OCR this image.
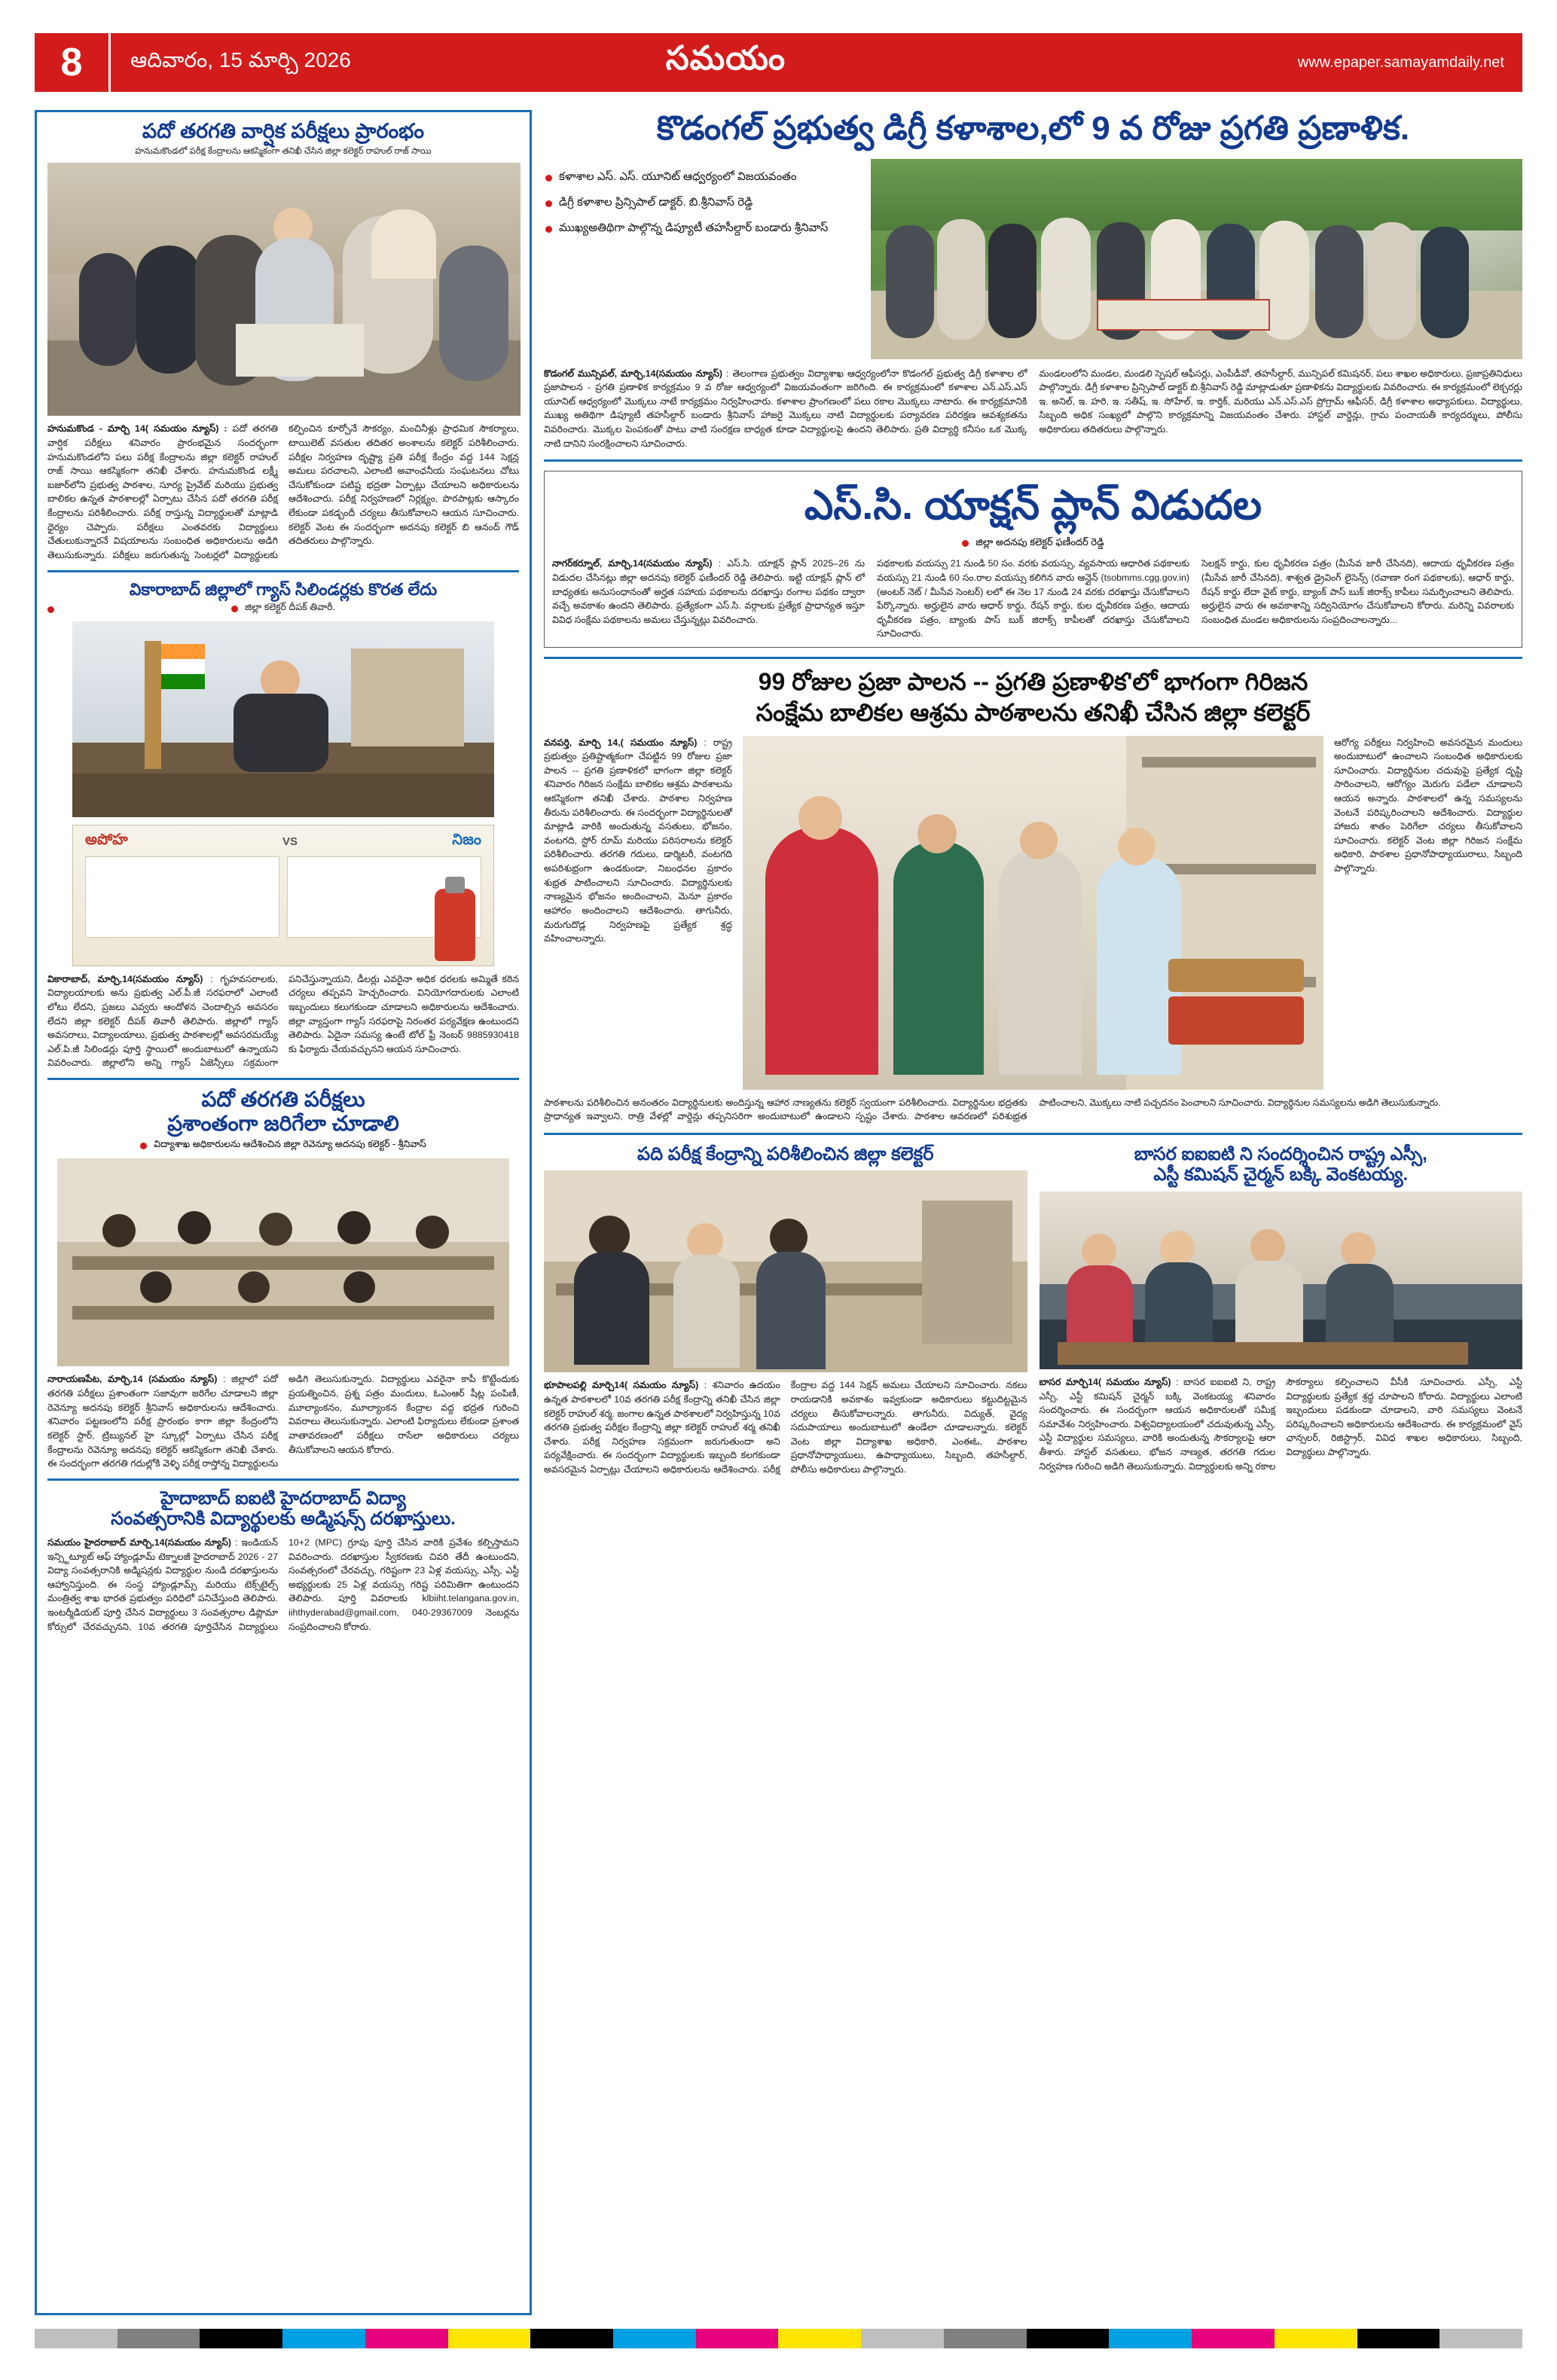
8	ఆదివారం, 15 మార్చి 2026	సమయం	www.epaper.samayamdaily.net
పదో తరగతి వార్షిక పరీక్షలు ప్రారంభం
హనుమకొండలో పరీక్ష కేంద్రాలను ఆకస్మికంగా తనిఖీ చేసిన జిల్లా కలెక్టర్ రాహుల్ రాజ్ సాయి
హనుమకొండ - మార్చి 14( సమయం న్యూస్) : పదో తరగతి వార్షిక పరీక్షలు శనివారం ప్రారంభమైన సందర్భంగా హనుమకొండలోని పలు పరీక్ష కేంద్రాలను జిల్లా కలెక్టర్ రాహుల్ రాజ్ సాయి ఆకస్మికంగా తనిఖీ చేశారు. హనుమకొండ లక్ష్మీ బజార్‌లోని ప్రభుత్వ పాఠశాల, సూర్య ప్రైవేట్ మరియు ప్రభుత్వ బాలికల ఉన్నత పాఠశాలల్లో ఏర్పాటు చేసిన పదో తరగతి పరీక్ష కేంద్రాలను పరిశీలించారు. పరీక్ష రాస్తున్న విద్యార్థులతో మాట్లాడి ధైర్యం చెప్పారు. పరీక్షలు ఎంతవరకు విద్యార్థులు చేతులుకున్నారనే విషయాలను సంబంధిత అధికారులను అడిగి తెలుసుకున్నారు. పరీక్షలు జరుగుతున్న సెంటర్లలో విద్యార్థులకు కల్పించిన కూర్చోనే సౌకర్యం, మంచినీళ్లు ప్రాధమిక సౌకర్యాలు, టాయిలెట్ వసతుల తదితర అంశాలను కలెక్టర్ పరిశీలించారు. పరీక్షల నిర్వహణ దృష్ట్యా ప్రతి పరీక్ష కేంద్రం వద్ద 144 సెక్షన్ల అమలు పరచాలని, ఎలాంటి అవాంఛనీయ సంఘటనలు చోటు చేసుకోకుండా పటిష్ట భద్రతా ఏర్పాట్లు చేయాలని అధికారులను ఆదేశించారు. పరీక్ష నిర్వహణలో నిర్లక్ష్యం, పొరపాట్లకు ఆస్కారం లేకుండా పకడ్బందీ చర్యలు తీసుకోవాలని ఆయన సూచించారు. కలెక్టర్ వెంట ఈ సందర్భంగా అదనపు కలెక్టర్ బి ఆనంద్ గౌడ్ తదితరులు పాల్గొన్నారు.
వికారాబాద్ జిల్లాలో గ్యాస్ సిలిండర్లకు కొరత లేదు
జిల్లా కలెక్టర్ దీపక్ తివారీ.
అపోహ	VS	నిజం
వికారాబాద్, మార్చి,14(సమయం న్యూస్) : గృహవసరాలకు, విద్యాలయాలకు అను ప్రభుత్వ ఎల్.పీ.జీ సరఫరాలో ఎలాంటి లోటు లేదని, ప్రజలు ఎవ్వరు ఆందోళన చెందాల్సిన అవసరం లేదని జిల్లా కలెక్టర్ దీపక్ తివారీ తెలిపారు. జిల్లాలో గ్యాస్ అవసరాలు, విద్యాలయాలు, ప్రభుత్వ పాఠశాలల్లో అవసరమయ్యే ఎల్.పి.జీ సిలిండర్లు పూర్తి స్థాయిలో అందుబాటులో ఉన్నాయని వివరించారు. జిల్లాలోని అన్ని గ్యాస్ ఏజెన్సీలు సక్రమంగా పనిచేస్తున్నాయని, డీలర్లు ఎవరైనా అధిక ధరలకు అమ్మితే కఠిన చర్యలు తప్పవని హెచ్చరించారు. వినియోగదారులకు ఎలాంటి ఇబ్బందులు కలుగకుండా చూడాలని అధికారులను ఆదేశించారు. జిల్లా వ్యాప్తంగా గ్యాస్ సరఫరాపై నిరంతర పర్యవేక్షణ ఉంటుందని తెలిపారు. ఏదైనా సమస్య ఉంటే టోల్ ఫ్రీ నెంబర్ 9885930418 కు ఫిర్యాదు చేయవచ్చునని ఆయన సూచించారు.
పదో తరగతి పరీక్షలు
ప్రశాంతంగా జరిగేలా చూడాలి
విద్యాశాఖ అధికారులను ఆదేశించిన జిల్లా రెవెన్యూ అదనపు కలెక్టర్ - శ్రీనివాస్
నారాయణపేట, మార్చి,14 (సమయం న్యూస్) : జిల్లాలో పదో తరగతి పరీక్షలు ప్రశాంతంగా సజావుగా జరిగేల చూడాలని జిల్లా రెవెన్యూ అదనపు కలెక్టర్ శ్రీనివాస్ అధికారులను ఆదేశించారు. శనివారం పట్టణంలోని పరీక్ష ప్రారంభం కాగా జిల్లా కేంద్రంలోని కలెక్టర్ స్టార్, ట్రిబ్యునల్ హై స్కూల్లో ఏర్పాటు చేసిన పరీక్ష కేంద్రాలను రెవెన్యూ అదనపు కలెక్టర్ ఆకస్మికంగా తనిఖీ చేశారు. ఈ సందర్భంగా తరగతి గదుల్లోకి వెళ్ళి పరీక్ష రాస్తోన్న విద్యార్థులను అడిగి తెలుసుకున్నారు. విద్యార్థులు ఎవరైనా కాపీ కొట్టేందుకు ప్రయత్నించిన, ప్రశ్న పత్రం మందులు, ఓఎంఆర్ షీట్ల పంపిణీ, మూల్యాంకనం, మూల్యాంకన కేంద్రాల వద్ద భద్రత గురించి వివరాలు తెలుసుకున్నారు. ఎలాంటి ఫిర్యాదులు లేకుండా ప్రశాంత వాతావరణంలో పరీక్షలు రాసేలా అధికారులు చర్యలు తీసుకోవాలని ఆయన కోరారు.
హైదాబాద్ ఐఐటి హైదరాబాద్ విద్యా
సంవత్సరానికి విద్యార్థులకు అడ్మిషన్స్ దరఖాస్తులు.
సమయం హైదరాబాద్ మార్చి,14(సమయం న్యూస్) : ఇండియన్ ఇన్స్టిట్యూట్ ఆఫ్ హ్యాండ్లూమ్ టెక్నాలజీ హైదరాబాద్ 2026 - 27 విద్యా సంవత్సరానికి అడ్మిషన్లకు విద్యార్థుల నుండి దరఖాస్తులను ఆహ్వానిస్తుంది. ఈ సంస్థ హ్యాండ్లూమ్స్ మరియు టెక్స్‌టైల్స్ మంత్రిత్వ శాఖ భారత ప్రభుత్వం పరిధిలో పనిచేస్తుంది తెలిపారు. ఇంటర్మీడియట్ పూర్తి చేసిన విద్యార్థులు 3 సంవత్సరాల డిప్లొమా కోర్సులో చేరవచ్చునని, 10వ తరగతి పూర్తిచేసిన విద్యార్థులు 10+2 (MPC) గ్రూపు పూర్తి చేసిన వారికి ప్రవేశం కల్పిస్తామని వివరించారు. దరఖాస్తుల స్వీకరణకు చివరి తేదీ ఉంటుందని, సంవత్సరంలో చేరవచ్చు, గరిష్టంగా 23 ఏళ్ల వయస్సు, ఎస్సీ, ఎస్టీ అభ్యర్థులకు 25 ఏళ్ల వయస్సు గరిష్ట పరిమితిగా ఉంటుందని తెలిపారు. పూర్తి వివరాలకు klbiiht.telangana.gov.in, iihthyderabad@gmail.com, 040-29367009 నెంబర్లను సంప్రదించాలని కోరారు.
కొడంగల్ ప్రభుత్వ డిగ్రీ కళాశాల,లో 9 వ రోజు ప్రగతి ప్రణాళిక.
కళాశాల ఎస్. ఎస్. యూనిట్ ఆధ్వర్యంలో విజయవంతం
డిగ్రీ కళాశాల ప్రిన్సిపాల్ డాక్టర్. బి.శ్రీనివాస్ రెడ్డి
ముఖ్యఅతిథిగా పాల్గొన్న డిప్యూటీ తహసీల్దార్ బండారు శ్రీనివాస్
కొడంగల్ మున్సిపల్, మార్చి,14(సమయం న్యూస్) : తెలంగాణ ప్రభుత్వం విద్యాశాఖ ఆధ్వర్యంలోనా కొడంగల్ ప్రభుత్వ డిగ్రీ కళాశాల లో ప్రజాపాలన - ప్రగతి ప్రణాళిక కార్యక్రమం 9 వ రోజు ఆధ్వర్యంలో విజయవంతంగా జరిగింది. ఈ కార్యక్రమంలో కళాశాల ఎన్.ఎస్.ఎస్ యూనిట్ ఆధ్వర్యంలో మొక్కలు నాటే కార్యక్రమం నిర్వహించారు. కళాశాల ప్రాంగణంలో పలు రకాల మొక్కలు నాటారు. ఈ కార్యక్రమానికి ముఖ్య అతిథిగా డిప్యూటీ తహసీల్దార్ బండారు శ్రీనివాస్ హాజరై మొక్కలు నాటి విద్యార్థులకు పర్యావరణ పరిరక్షణ ఆవశ్యకతను వివరించారు. మొక్కల పెంపకంతో పాటు వాటి సంరక్షణ బాధ్యత కూడా విద్యార్థులపై ఉందని తెలిపారు. ప్రతి విద్యార్థి కనీసం ఒక మొక్క నాటి దానిని సంరక్షించాలని సూచించారు.
మండలంలోని మండల, మండలి స్పెషల్ ఆఫీసర్లు, ఎంపీడీవో, తహసీల్దార్, మున్సిపల్ కమిషనర్, పలు శాఖల అధికారులు, ప్రజాప్రతినిధులు పాల్గొన్నారు. డిగ్రీ కళాశాల ప్రిన్సిపాల్ డాక్టర్ బి.శ్రీనివాస్ రెడ్డి మాట్లాడుతూ ప్రణాళికను విద్యార్థులకు వివరించారు. ఈ కార్యక్రమంలో లెక్చరర్లు ఇ. అనిల్, ఇ. హరి, ఇ. సతీష్, ఇ. సోహేల్, ఇ. కార్తిక్, మరియు ఎన్.ఎస్.ఎస్ ప్రోగ్రామ్ ఆఫీసర్, డిగ్రీ కళాశాల అధ్యాపకులు, విద్యార్థులు, సిబ్బంది అధిక సంఖ్యలో పాల్గొని కార్యక్రమాన్ని విజయవంతం చేశారు. హాస్టల్ వార్డెన్లు, గ్రామ పంచాయతీ కార్యదర్శులు, పోలీసు అధికారులు తదితరులు పాల్గొన్నారు.
ఎస్.సి. యాక్షన్ ప్లాన్ విడుదల
జిల్లా అదనపు కలెక్టర్ ఫణీందర్ రెడ్డి
నాగర్‌కర్నూల్, మార్చి,14(సమయం న్యూస్) : ఎస్.సి. యాక్షన్ ప్లాన్ 2025–26 ను విడుదల చేసినట్లు జిల్లా అదనపు కలెక్టర్ ఫణీందర్ రెడ్డి తెలిపారు. ఇట్టి యాక్షన్ ప్లాన్ లో బాధ్యతకు అనుసంధానంతో అర్హత సహాయ పథకాలను దరఖాస్తు రంగాల పథకం ద్వారా వచ్చే అవకాశం ఉందని తెలిపారు. ప్రత్యేకంగా ఎస్.సి. వర్గాలకు ప్రత్యేక ప్రాధాన్యత ఇస్తూ వివిధ సంక్షేమ పథకాలను అమలు చేస్తున్నట్లు వివరించారు.
పథకాలకు వయస్సు 21 నుండి 50 సం. వరకు వయస్సు, వ్యవసాయ ఆధారిత పథకాలకు వయస్సు 21 నుండి 60 సం.రాల వయస్సు కలిగిన వారు ఆన్లైన్ (tsobmms.cgg.gov.in) (అంటర్ నెట్ / మీసేవ సెంటర్) లలో ఈ నెల 17 నుండి 24 వరకు దరఖాస్తు చేసుకోవాలని పేర్కొన్నారు. అర్హులైన వారు ఆధార్ కార్డు, రేషన్ కార్డు, కుల ధృవీకరణ పత్రం, ఆదాయ ధృవీకరణ పత్రం, బ్యాంకు పాస్ బుక్ జిరాక్స్ కాపీలతో దరఖాస్తు చేసుకోవాలని సూచించారు.
సెలక్షన్ కార్డు, కుల ధృవీకరణ పత్రం (మీసేవ జారీ చేసినది), ఆదాయ ధృవీకరణ పత్రం (మీసేవ జారీ చేసినది), శాశ్వత డ్రైవింగ్ లైసెన్స్ (రవాణా రంగ పథకాలకు), ఆధార్ కార్డు, రేషన్ కార్డు లేదా వైట్ కార్డు, బ్యాంక్ పాస్ బుక్ జిరాక్స్ కాపీలు సమర్పించాలని తెలిపారు. అర్హులైన వారు ఈ అవకాశాన్ని సద్వినియోగం చేసుకోవాలని కోరారు. మరిన్ని వివరాలకు సంబంధిత మండల అధికారులను సంప్రదించాలన్నారు...
99 రోజుల ప్రజా పాలన -- ప్రగతి ప్రణాళిక'లో భాగంగా గిరిజన
సంక్షేమ బాలికల ఆశ్రమ పాఠశాలను తనిఖీ చేసిన జిల్లా కలెక్టర్
వనపర్తి, మార్చి 14,( సమయం న్యూస్) : రాష్ట్ర ప్రభుత్వం ప్రతిష్టాత్మకంగా చేపట్టిన 99 రోజుల ప్రజా పాలన -- ప్రగతి ప్రణాళికలో భాగంగా జిల్లా కలెక్టర్ శనివారం గిరిజన సంక్షేమ బాలికల ఆశ్రమ పాఠశాలను ఆకస్మికంగా తనిఖీ చేశారు. పాఠశాల నిర్వహణ తీరును పరిశీలించారు. ఈ సందర్భంగా విద్యార్థినులతో మాట్లాడి వారికి అందుతున్న వసతులు, భోజనం, వంటగది, స్టోర్ రూమ్ మరియు పరిసరాలను కలెక్టర్ పరిశీలించారు. తరగతి గదులు, డార్మిటరీ, వంటగది అపరిశుభ్రంగా ఉండకుండా, నిబంధనల ప్రకారం శుభ్రత పాటించాలని సూచించారు. విద్యార్థినులకు నాణ్యమైన భోజనం అందించాలని, మెనూ ప్రకారం ఆహారం అందించాలని ఆదేశించారు. తాగునీరు, మరుగుదొడ్ల నిర్వహణపై ప్రత్యేక శ్రద్ధ వహించాలన్నారు.
ఆరోగ్య పరీక్షలు నిర్వహించి అవసరమైన మందులు అందుబాటులో ఉంచాలని సంబంధిత అధికారులకు సూచించారు. విద్యార్థినుల చదువుపై ప్రత్యేక దృష్టి సారించాలని, ఆరోగ్యం మెరుగు పడేలా చూడాలని ఆయన అన్నారు. పాఠశాలలో ఉన్న సమస్యలను వెంటనే పరిష్కరించాలని ఆదేశించారు. విద్యార్థుల హాజరు శాతం పెరిగేలా చర్యలు తీసుకోవాలని సూచించారు. కలెక్టర్ వెంట జిల్లా గిరిజన సంక్షేమ అధికారి, పాఠశాల ప్రధానోపాధ్యాయురాలు, సిబ్బంది పాల్గొన్నారు.
పాఠశాలను పరిశీలించిన అనంతరం విద్యార్థినులకు అందిస్తున్న ఆహార నాణ్యతను కలెక్టర్ స్వయంగా పరిశీలించారు. విద్యార్థినుల భద్రతకు ప్రాధాన్యత ఇవ్వాలని, రాత్రి వేళల్లో వార్డెన్లు తప్పనిసరిగా అందుబాటులో ఉండాలని స్పష్టం చేశారు. పాఠశాల ఆవరణలో పరిశుభ్రత పాటించాలని, మొక్కలు నాటి పచ్చదనం పెంచాలని సూచించారు. విద్యార్థినుల సమస్యలను అడిగి తెలుసుకున్నారు.
పది పరీక్ష కేంద్రాన్ని పరిశీలించిన జిల్లా కలెక్టర్
భూపాలపల్లి మార్చి14( సమయం న్యూస్) : శనివారం ఉదయం ఉన్నత పాఠశాలలో 10వ తరగతి పరీక్ష కేంద్రాన్ని తనిఖీ చేసిన జిల్లా కలెక్టర్ రాహుల్ శర్మ. జంగాల ఉన్నత పాఠశాలలో నిర్వహిస్తున్న 10వ తరగతి ప్రభుత్వ పరీక్షల కేంద్రాన్ని జిల్లా కలెక్టర్ రాహుల్ శర్మ తనిఖీ చేశారు. పరీక్ష నిర్వహణ సక్రమంగా జరుగుతుందా అని పర్యవేక్షించారు. ఈ సందర్భంగా విద్యార్థులకు ఇబ్బంది కలగకుండా అవసరమైన ఏర్పాట్లు చేయాలని అధికారులను ఆదేశించారు. పరీక్ష కేంద్రాల వద్ద 144 సెక్షన్ అమలు చేయాలని సూచించారు. నకలు రాయడానికి అవకాశం ఇవ్వకుండా అధికారులు కట్టుదిట్టమైన చర్యలు తీసుకోవాలన్నారు. తాగునీరు, విద్యుత్, వైద్య సదుపాయాలు అందుబాటులో ఉండేలా చూడాలన్నారు. కలెక్టర్ వెంట జిల్లా విద్యాశాఖ అధికారి, ఎంఈఓ, పాఠశాల ప్రధానోపాధ్యాయులు, ఉపాధ్యాయులు, సిబ్బంది, తహసీల్దార్, పోలీసు అధికారులు పాల్గొన్నారు.
బాసర ఐఐఐటి ని సందర్శించిన రాష్ట్ర ఎస్సీ,
ఎస్టీ కమిషన్ చైర్మన్ బక్కి వెంకటయ్య.
బాసర మార్చి14( సమయం న్యూస్) : బాసర ఐఐఐటి ని, రాష్ట్ర ఎస్సీ, ఎస్టీ కమిషన్ చైర్మన్ బక్కి వెంకటయ్య శనివారం సందర్శించారు. ఈ సందర్భంగా ఆయన అధికారులతో సమీక్ష సమావేశం నిర్వహించారు. విశ్వవిద్యాలయంలో చదువుతున్న ఎస్సీ, ఎస్టీ విద్యార్థుల సమస్యలు, వారికి అందుతున్న సౌకర్యాలపై ఆరా తీశారు. హాస్టల్ వసతులు, భోజన నాణ్యత, తరగతి గదుల నిర్వహణ గురించి అడిగి తెలుసుకున్నారు. విద్యార్థులకు అన్ని రకాల సౌకర్యాలు కల్పించాలని వీసీకి సూచించారు. ఎస్సీ, ఎస్టీ విద్యార్థులకు ప్రత్యేక శ్రద్ధ చూపాలని కోరారు. విద్యార్థులు ఎలాంటి ఇబ్బందులు పడకుండా చూడాలని, వారి సమస్యలు వెంటనే పరిష్కరించాలని అధికారులను ఆదేశించారు. ఈ కార్యక్రమంలో వైస్ ఛాన్సలర్, రిజిస్ట్రార్, వివిధ శాఖల అధికారులు, సిబ్బంది, విద్యార్థులు పాల్గొన్నారు.
